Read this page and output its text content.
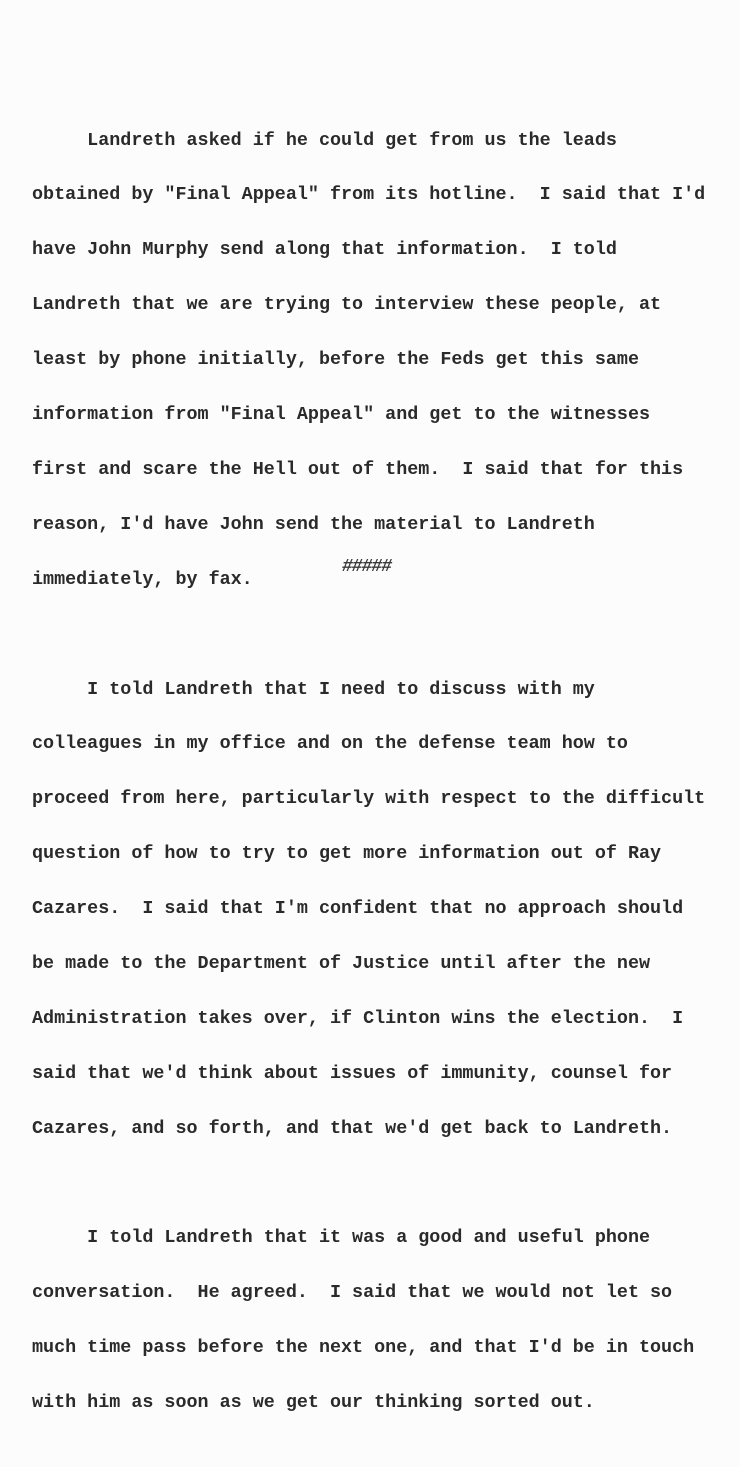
Landreth asked if he could get from us the leads

obtained by "Final Appeal" from its hotline.  I said that I'd

have John Murphy send along that information.  I told

Landreth that we are trying to interview these people, at

least by phone initially, before the Feds get this same

information from "Final Appeal" and get to the witnesses

first and scare the Hell out of them.  I said that for this

reason, I'd have John send the material to Landreth

immediately, by fax.

I told Landreth that I need to discuss with my

colleagues in my office and on the defense team how to

proceed from here, particularly with respect to the difficult

question of how to try to get more information out of Ray

Cazares.  I said that I'm confident that no approach should

be made to the Department of Justice until after the new

Administration takes over, if Clinton wins the election.  I

said that we'd think about issues of immunity, counsel for

Cazares, and so forth, and that we'd get back to Landreth.

I told Landreth that it was a good and useful phone

conversation.  He agreed.  I said that we would not let so

much time pass before the next one, and that I'd be in touch

with him as soon as we get our thinking sorted out.

#####
